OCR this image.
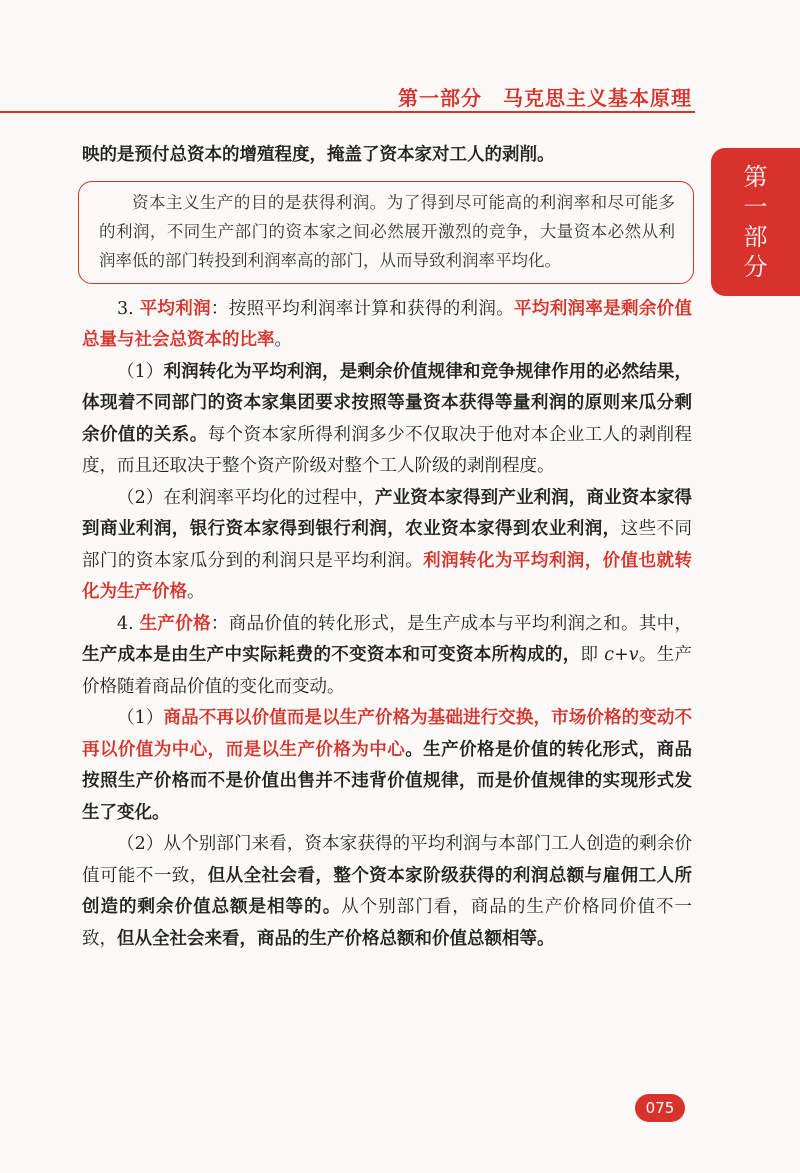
第一部分　马克思主义基本原理
第一部分

映的是预付总资本的增殖程度，掩盖了资本家对工人的剥削。

资本主义生产的目的是获得利润。为了得到尽可能高的利润率和尽可能多的利润，不同生产部门的资本家之间必然展开激烈的竞争，大量资本必然从利润率低的部门转投到利润率高的部门，从而导致利润率平均化。

3. 平均利润：按照平均利润率计算和获得的利润。平均利润率是剩余价值总量与社会总资本的比率。

（1）利润转化为平均利润，是剩余价值规律和竞争规律作用的必然结果，体现着不同部门的资本家集团要求按照等量资本获得等量利润的原则来瓜分剩余价值的关系。每个资本家所得利润多少不仅取决于他对本企业工人的剥削程度，而且还取决于整个资产阶级对整个工人阶级的剥削程度。

（2）在利润率平均化的过程中，产业资本家得到产业利润，商业资本家得到商业利润，银行资本家得到银行利润，农业资本家得到农业利润，这些不同部门的资本家瓜分到的利润只是平均利润。利润转化为平均利润，价值也就转化为生产价格。

4. 生产价格：商品价值的转化形式，是生产成本与平均利润之和。其中，生产成本是由生产中实际耗费的不变资本和可变资本所构成的，即 c+v。生产价格随着商品价值的变化而变动。

（1）商品不再以价值而是以生产价格为基础进行交换，市场价格的变动不再以价值为中心，而是以生产价格为中心。生产价格是价值的转化形式，商品按照生产价格而不是价值出售并不违背价值规律，而是价值规律的实现形式发生了变化。

（2）从个别部门来看，资本家获得的平均利润与本部门工人创造的剩余价值可能不一致，但从全社会看，整个资本家阶级获得的利润总额与雇佣工人所创造的剩余价值总额是相等的。从个别部门看，商品的生产价格同价值不一致，但从全社会来看，商品的生产价格总额和价值总额相等。

075
